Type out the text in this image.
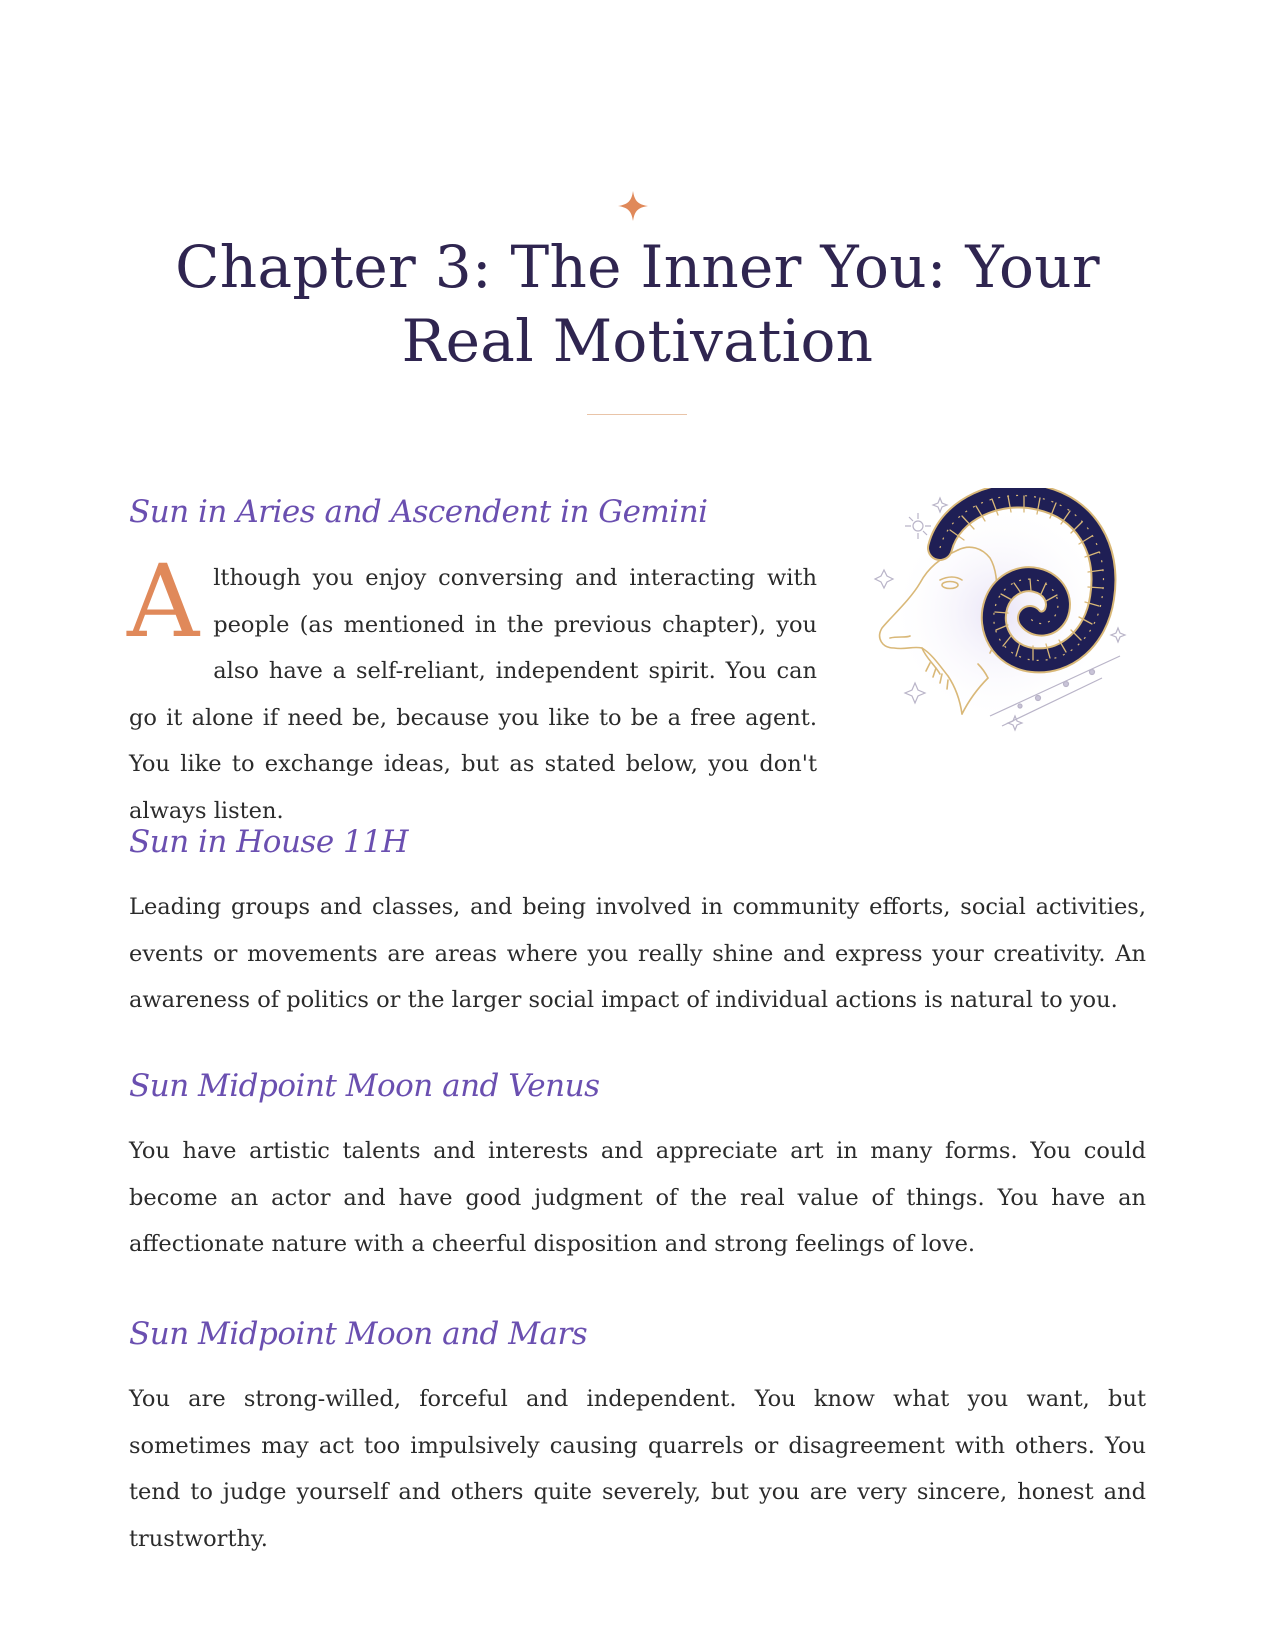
Chapter 3: The Inner You: Your Real Motivation
Sun in Aries and Ascendent in Gemini

Although you enjoy conversing and interacting with people (as mentioned in the previous chapter), you also have a self-reliant, independent spirit. You can go it alone if need be, because you like to be a free agent. You like to exchange ideas, but as stated below, you don't always listen.

Sun in House 11H

Leading groups and classes, and being involved in community efforts, social activities, events or movements are areas where you really shine and express your creativity. An awareness of politics or the larger social impact of individual actions is natural to you.

Sun Midpoint Moon and Venus

You have artistic talents and interests and appreciate art in many forms. You could become an actor and have good judgment of the real value of things. You have an affectionate nature with a cheerful disposition and strong feelings of love.

Sun Midpoint Moon and Mars

You are strong-willed, forceful and independent. You know what you want, but sometimes may act too impulsively causing quarrels or disagreement with others. You tend to judge yourself and others quite severely, but you are very sincere, honest and trustworthy.
